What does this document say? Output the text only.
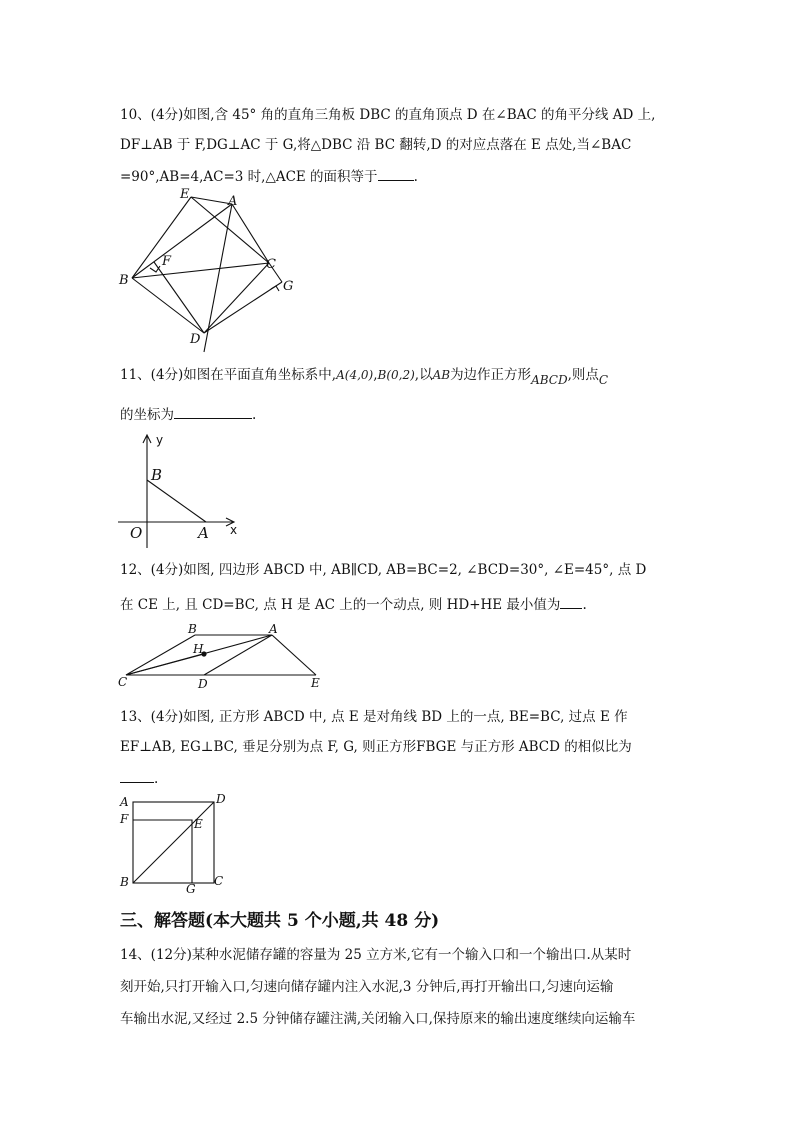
10、(4分)如图,含 45° 角的直角三角板 DBC 的直角顶点 D 在∠BAC 的角平分线 AD 上,
DF⊥AB 于 F,DG⊥AC 于 G,将△DBC 沿 BC 翻转,D 的对应点落在 E 点处,当∠BAC
=90°,AB=4,AC=3 时,△ACE 的面积等于	.
E	A
F
B
C
G
D
11、(4分)如图在平面直角坐标系中,A(4,0),B(0,2),以AB为边作正方形ABCD,则点C
的坐标为	.
y
B
O	A x
12、(4分)如图, 四边形 ABCD 中, AB∥CD, AB=BC=2, ∠BCD=30°, ∠E=45°, 点 D
在 CE 上, 且 CD=BC, 点 H 是 AC 上的一个动点, 则 HD+HE 最小值为 .
B	A
H
C	D	E
13、(4分)如图, 正方形 ABCD 中, 点 E 是对角线 BD 上的一点, BE=BC, 过点 E 作
EF⊥AB, EG⊥BC, 垂足分别为点 F, G, 则正方形FBGE 与正方形 ABCD 的相似比为
.
A	D
F	E
B	G
C
三、解答题(本大题共 5 个小题,共 48 分)
14、(12分)某种水泥储存罐的容量为 25 立方米,它有一个输入口和一个输出口.从某时
刻开始,只打开输入口,匀速向储存罐内注入水泥,3 分钟后,再打开输出口,匀速向运输
车输出水泥,又经过 2.5 分钟储存罐注满,关闭输入口,保持原来的输出速度继续向运输车
